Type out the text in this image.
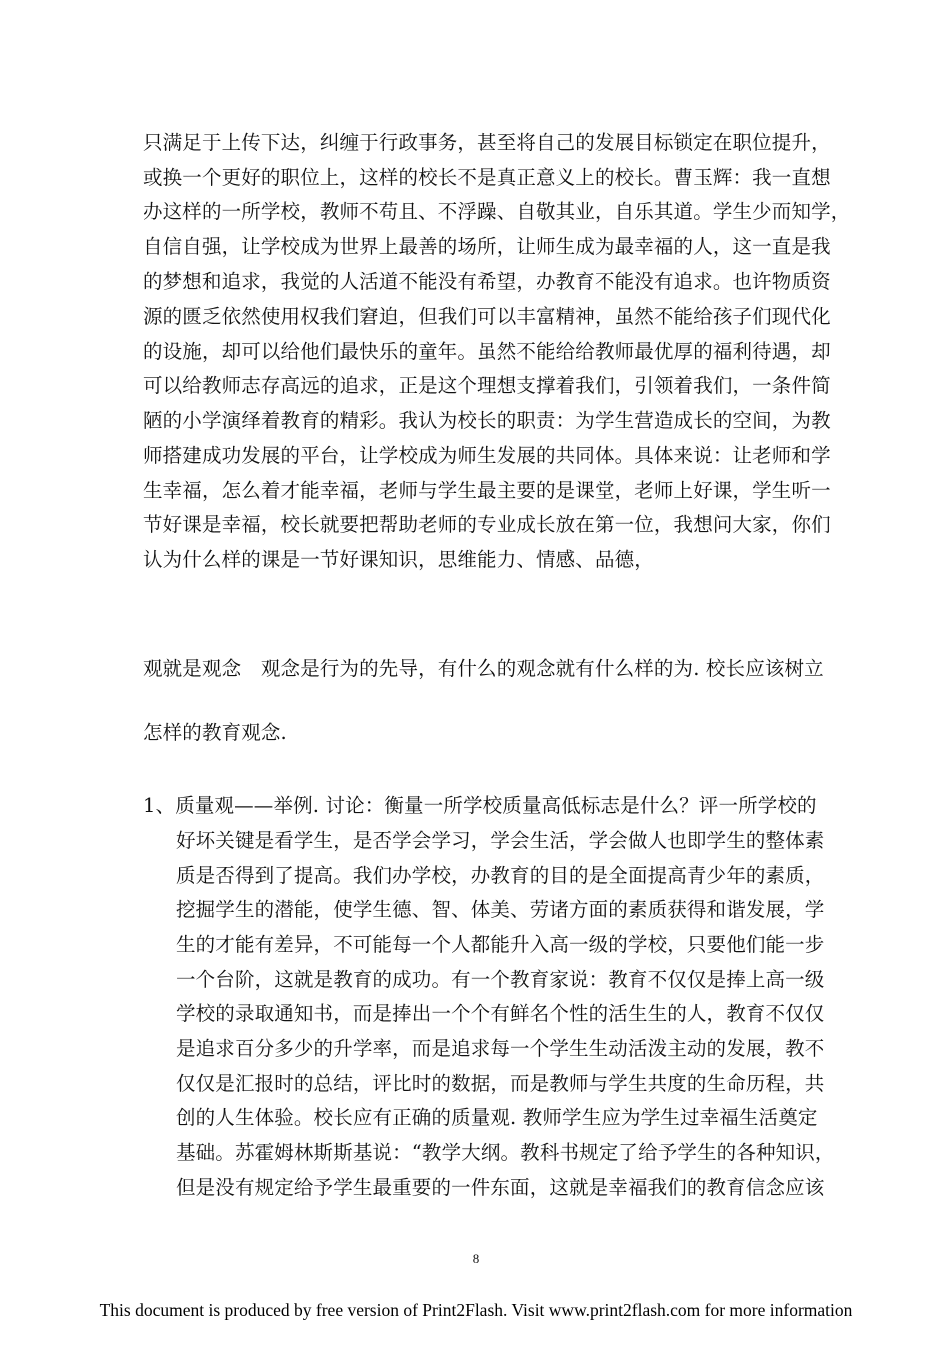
只满足于上传下达，纠缠于行政事务，甚至将自己的发展目标锁定在职位提升，
或换一个更好的职位上，这样的校长不是真正意义上的校长。曹玉辉：我一直想
办这样的一所学校，教师不苟且、不浮躁、自敬其业，自乐其道。学生少而知学，
自信自强，让学校成为世界上最善的场所，让师生成为最幸福的人，这一直是我
的梦想和追求，我觉的人活道不能没有希望，办教育不能没有追求。也许物质资
源的匮乏依然使用权我们窘迫，但我们可以丰富精神，虽然不能给孩子们现代化
的设施，却可以给他们最快乐的童年。虽然不能给给教师最优厚的福利待遇，却
可以给教师志存高远的追求，正是这个理想支撑着我们，引领着我们，一条件简
陋的小学演绎着教育的精彩。我认为校长的职责：为学生营造成长的空间，为教
师搭建成功发展的平台，让学校成为师生发展的共同体。具体来说：让老师和学
生幸福，怎么着才能幸福，老师与学生最主要的是课堂，老师上好课，学生听一
节好课是幸福，校长就要把帮助老师的专业成长放在第一位，我想问大家，你们
认为什么样的课是一节好课知识，思维能力、情感、品德，
观就是观念　观念是行为的先导，有什么的观念就有什么样的为. 校长应该树立
怎样的教育观念.
1、质量观——举例. 讨论：衡量一所学校质量高低标志是什么？评一所学校的
好坏关键是看学生，是否学会学习，学会生活，学会做人也即学生的整体素
质是否得到了提高。我们办学校，办教育的目的是全面提高青少年的素质，
挖掘学生的潜能，使学生德、智、体美、劳诸方面的素质获得和谐发展，学
生的才能有差异，不可能每一个人都能升入高一级的学校，只要他们能一步
一个台阶，这就是教育的成功。有一个教育家说：教育不仅仅是捧上高一级
学校的录取通知书，而是捧出一个个有鲜名个性的活生生的人，教育不仅仅
是追求百分多少的升学率，而是追求每一个学生生动活泼主动的发展，教不
仅仅是汇报时的总结，评比时的数据，而是教师与学生共度的生命历程，共
创的人生体验。校长应有正确的质量观. 教师学生应为学生过幸福生活奠定
基础。苏霍姆林斯斯基说：“教学大纲。教科书规定了给予学生的各种知识，
但是没有规定给予学生最重要的一件东面，这就是幸福我们的教育信念应该
8
This document is produced by free version of Print2Flash. Visit www.print2flash.com for more information
